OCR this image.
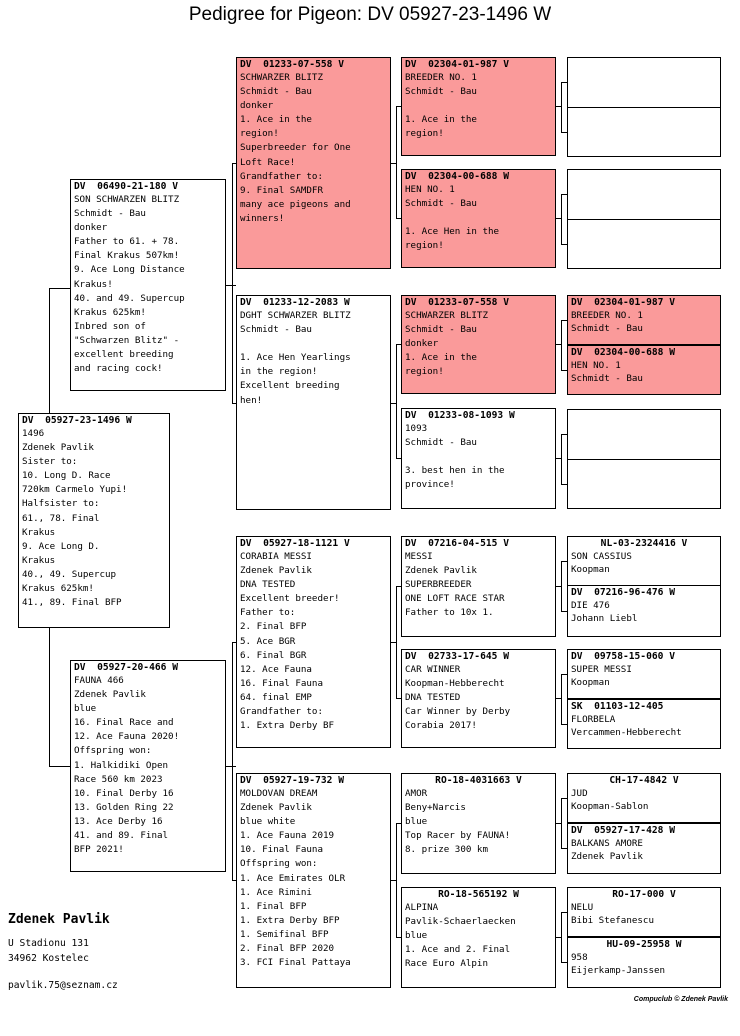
Pedigree for Pigeon: DV 05927-23-1496 W
DV  05927-23-1496 W
1496
Zdenek Pavlik
Sister to:
10. Long D. Race
720km Carmelo Yupi!
Halfsister to:
61., 78. Final
Krakus
9. Ace Long D.
Krakus
40., 49. Supercup
Krakus 625km!
41., 89. Final BFP
DV  06490-21-180 V
SON SCHWARZEN BLITZ
Schmidt - Bau
donker
Father to 61. + 78.
Final Krakus 507km!
9. Ace Long Distance
Krakus!
40. and 49. Supercup
Krakus 625km!
Inbred son of
"Schwarzen Blitz" -
excellent breeding
and racing cock!
DV  05927-20-466 W
FAUNA 466
Zdenek Pavlik
blue
16. Final Race and
12. Ace Fauna 2020!
Offspring won:
1. Halkidiki Open
Race 560 km 2023
10. Final Derby 16
13. Golden Ring 22
13. Ace Derby 16
41. and 89. Final
BFP 2021!
DV  01233-07-558 V
SCHWARZER BLITZ
Schmidt - Bau
donker
1. Ace in the
region!
Superbreeder for One
Loft Race!
Grandfather to:
9. Final SAMDFR
many ace pigeons and
winners!
DV  01233-12-2083 W
DGHT SCHWARZER BLITZ
Schmidt - Bau
1. Ace Hen Yearlings
in the region!
Excellent breeding
hen!
DV  05927-18-1121 V
CORABIA MESSI
Zdenek Pavlik
DNA TESTED
Excellent breeder!
Father to:
2. Final BFP
5. Ace BGR
6. Final BGR
12. Ace Fauna
16. Final Fauna
64. final EMP
Grandfather to:
1. Extra Derby BF
DV  05927-19-732 W
MOLDOVAN DREAM
Zdenek Pavlik
blue white
1. Ace Fauna 2019
10. Final Fauna
Offspring won:
1. Ace Emirates OLR
1. Ace Rimini
1. Final BFP
1. Extra Derby BFP
1. Semifinal BFP
2. Final BFP 2020
3. FCI Final Pattaya
DV  02304-01-987 V
BREEDER NO. 1
Schmidt - Bau
1. Ace in the
region!
DV  02304-00-688 W
HEN NO. 1
Schmidt - Bau
1. Ace Hen in the
region!
DV  01233-07-558 V
SCHWARZER BLITZ
Schmidt - Bau
donker
1. Ace in the
region!
DV  01233-08-1093 W
1093
Schmidt - Bau
3. best hen in the
province!
DV  07216-04-515 V
MESSI
Zdenek Pavlik
SUPERBREEDER
ONE LOFT RACE STAR
Father to 10x 1.
DV  02733-17-645 W
CAR WINNER
Koopman-Hebberecht
DNA TESTED
Car Winner by Derby
Corabia 2017!
RO-18-4031663 V
AMOR
Beny+Narcis
blue
Top Racer by FAUNA!
8. prize 300 km
RO-18-565192 W
ALPINA
Pavlik-Schaerlaecken
blue
1. Ace and 2. Final
Race Euro Alpin
DV  02304-01-987 V
BREEDER NO. 1
Schmidt - Bau
DV  02304-00-688 W
HEN NO. 1
Schmidt - Bau
NL-03-2324416 V
SON CASSIUS
Koopman
DV  07216-96-476 W
DIE 476
Johann Liebl
DV  09758-15-060 V
SUPER MESSI
Koopman
SK  01103-12-405
FLORBELA
Vercammen-Hebberecht
CH-17-4842 V
JUD
Koopman-Sablon
DV  05927-17-428 W
BALKANS AMORE
Zdenek Pavlik
RO-17-000 V
NELU
Bibi Stefanescu
HU-09-25958 W
958
Eijerkamp-Janssen
Zdenek Pavlik
U Stadionu 131
34962 Kostelec
pavlik.75@seznam.cz
Compuclub © Zdenek Pavlik
